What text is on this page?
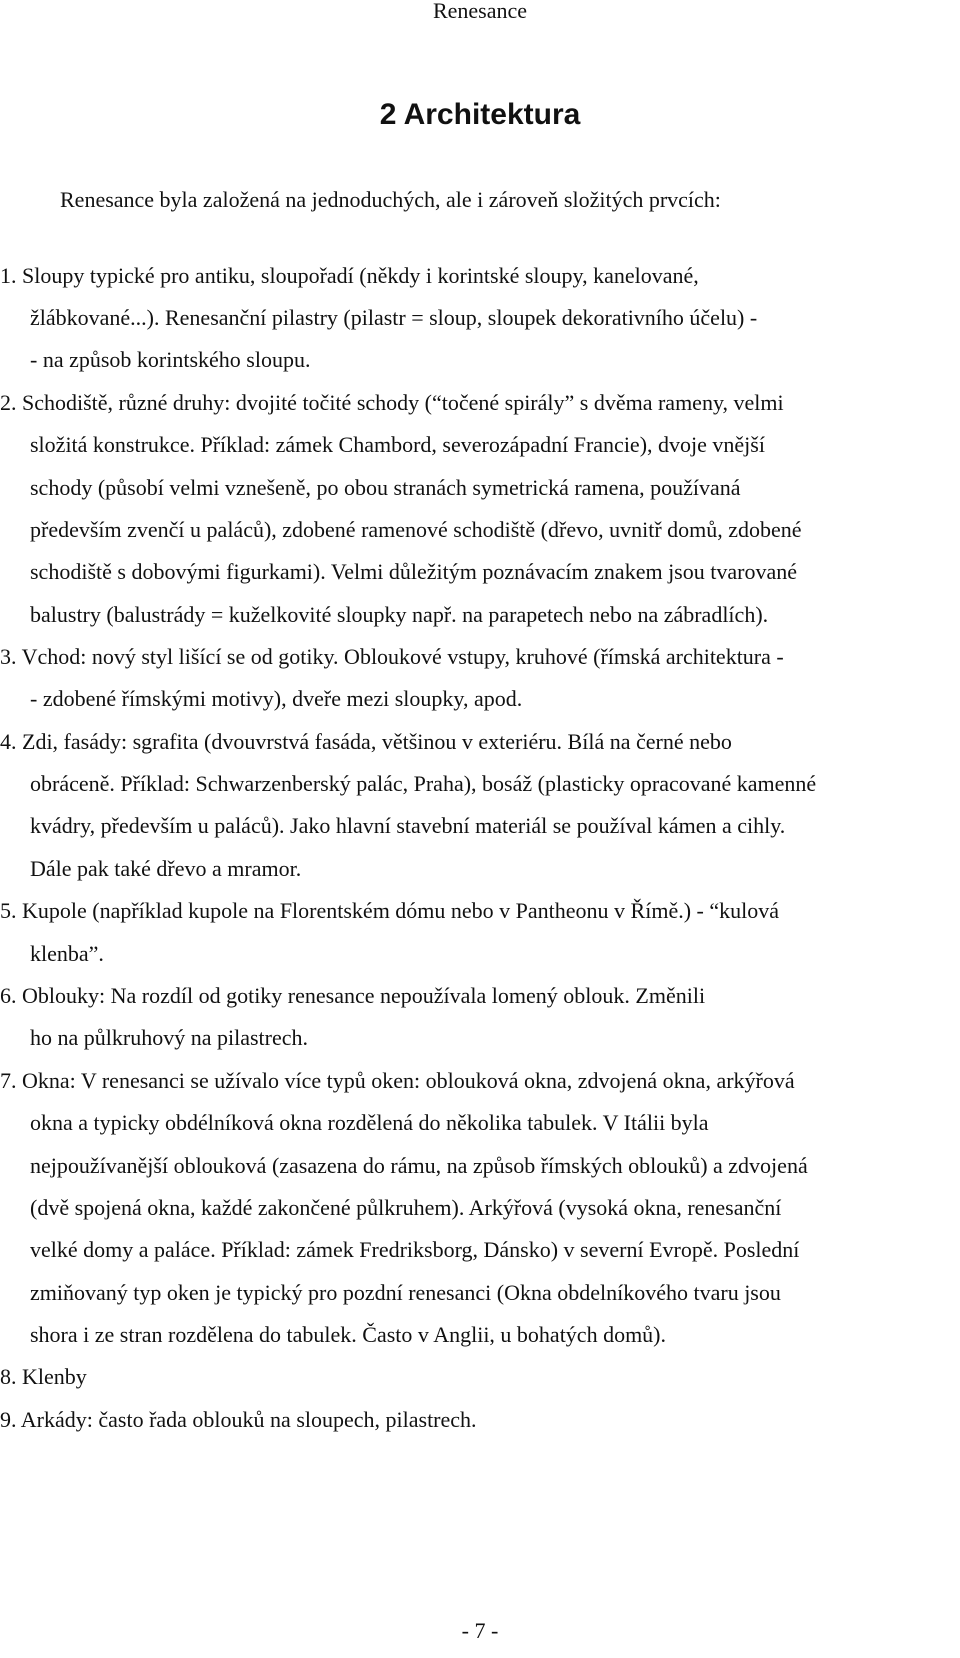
Renesance
2 Architektura

Renesance byla založená na jednoduchých, ale i zároveň složitých prvcích:

1. Sloupy typické pro antiku, sloupořadí (někdy i korintské sloupy, kanelované,
žlábkované...). Renesanční pilastry (pilastr = sloup, sloupek dekorativního účelu) -
- na způsob korintského sloupu.
2. Schodiště, různé druhy: dvojité točité schody (“točené spirály” s dvěma rameny, velmi
složitá konstrukce. Příklad: zámek Chambord, severozápadní Francie), dvoje vnější
schody (působí velmi vznešeně, po obou stranách symetrická ramena, používaná
především zvenčí u paláců), zdobené ramenové schodiště (dřevo, uvnitř domů, zdobené
schodiště s dobovými figurkami). Velmi důležitým poznávacím znakem jsou tvarované
balustry (balustrády = kuželkovité sloupky např. na parapetech nebo na zábradlích).
3. Vchod: nový styl lišící se od gotiky. Obloukové vstupy, kruhové (římská architektura -
- zdobené římskými motivy), dveře mezi sloupky, apod.
4. Zdi, fasády: sgrafita (dvouvrstvá fasáda, většinou v exteriéru. Bílá na černé nebo
obráceně. Příklad: Schwarzenberský palác, Praha), bosáž (plasticky opracované kamenné
kvádry, především u paláců). Jako hlavní stavební materiál se používal kámen a cihly.
Dále pak také dřevo a mramor.
5. Kupole (například kupole na Florentském dómu nebo v Pantheonu v Římě.) - “kulová
klenba”.
6. Oblouky: Na rozdíl od gotiky renesance nepoužívala lomený oblouk. Změnili
ho na půlkruhový na pilastrech.
7. Okna: V renesanci se užívalo více typů oken: oblouková okna, zdvojená okna, arkýřová
okna a typicky obdélníková okna rozdělená do několika tabulek. V Itálii byla
nejpoužívanější oblouková (zasazena do rámu, na způsob římských oblouků) a zdvojená
(dvě spojená okna, každé zakončené půlkruhem). Arkýřová (vysoká okna, renesanční
velké domy a paláce. Příklad: zámek Fredriksborg, Dánsko) v severní Evropě. Poslední
zmiňovaný typ oken je typický pro pozdní renesanci (Okna obdelníkového tvaru jsou
shora i ze stran rozdělena do tabulek. Často v Anglii, u bohatých domů).
8. Klenby
9. Arkády: často řada oblouků na sloupech, pilastrech.
- 7 -
